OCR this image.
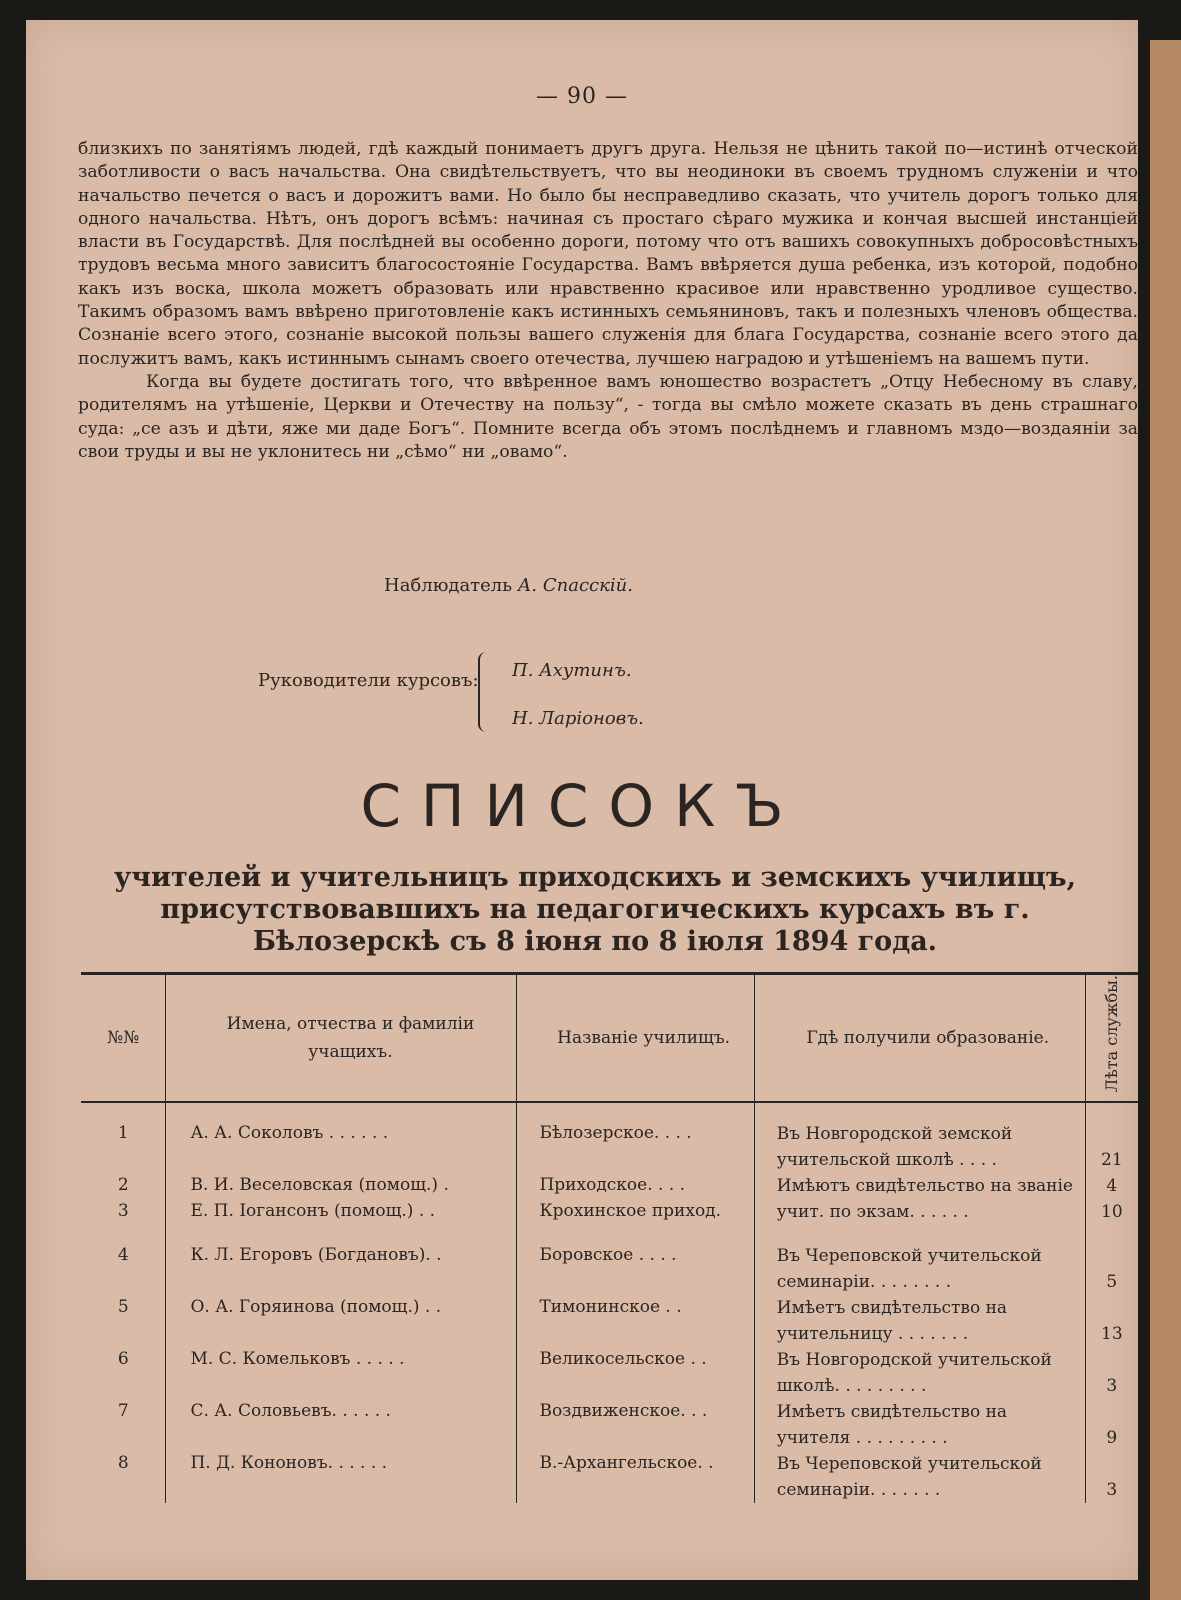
— 90 —

близкихъ по занятiямъ людей, гдѣ каждый понимаетъ другъ друга. Нельзя не цѣнить такой по—истинѣ отческой заботливости о васъ начальства. Она свидѣтельствуетъ, что вы неодиноки въ своемъ трудномъ служенiи и что начальство печется о васъ и дорожитъ вами. Но было бы несправедливо сказать, что учитель дорогъ только для одного начальства. Нѣтъ, онъ дорогъ всѣмъ: начиная съ простаго сѣраго мужика и кончая высшей инстанцiей власти въ Государствѣ. Для послѣдней вы особенно дороги, потому что отъ вашихъ совокупныхъ добросовѣстныхъ трудовъ весьма много зависитъ благосостоянiе Государства. Вамъ ввѣряется душа ребенка, изъ которой, подобно какъ изъ воска, школа можетъ образовать или нравственно красивое или нравственно уродливое существо. Такимъ образомъ вамъ ввѣрено приготовленiе какъ истинныхъ семьяниновъ, такъ и полезныхъ членовъ общества. Сознанiе всего этого, сознанiе высокой пользы вашего служенiя для блага Государства, сознанiе всего этого да послужитъ вамъ, какъ истиннымъ сынамъ своего отечества, лучшею наградою и утѣшенiемъ на вашемъ пути.

Когда вы будете достигать того, что ввѣренное вамъ юношество возрастетъ „Отцу Небесному въ славу, родителямъ на утѣшенiе, Церкви и Отечеству на пользу“, - тогда вы смѣло можете сказать въ день страшнаго суда: „се азъ и дѣти, яже ми даде Богъ“. Помните всегда объ этомъ послѣднемъ и главномъ мздо—воздаянiи за свои труды и вы не уклонитесь ни „сѣмо“ ни „овамо“.

Наблюдатель А. Спасскiй.
Руководители курсовъ: П. Ахутинъ.
Н. Ларiоновъ.
СПИСОКЪ
учителей и учительницъ приходскихъ и земскихъ училищъ, присутствовавшихъ на педагогическихъ курсахъ въ г. Бѣлозерскѣ съ 8 iюня по 8 iюля 1894 года.
№№	Имена, отчества и фамилiи учащихъ.	Названiе училищъ.	Гдѣ получили образованiе.	Лѣта службы.

1	А. А. Соколовъ . . . . . .	Бѣлозерское. . . .	Въ Новгородской земской учительской школѣ . . . .	21
2	В. И. Веселовская (помощ.) .	Приходское. . . .	Имѣютъ свидѣтельство на званiе	4
3	Е. П. Iогансонъ (помощ.) . .	Крохинское приход.	учит. по экзам. . . . . .	10

4	К. Л. Егоровъ (Богдановъ). .	Боровское . . . .	Въ Череповской учительской семинарiи. . . . . . . .	5
5	О. А. Горяинова (помощ.) . .	Тимонинское . .	Имѣетъ свидѣтельство на учительницу . . . . . . .	13
6	М. С. Комельковъ . . . . .	Великосельское . .	Въ Новгородской учительской школѣ. . . . . . . . .	3
7	С. А. Соловьевъ. . . . . .	Воздвиженское. . .	Имѣетъ свидѣтельство на учителя . . . . . . . . .	9
8	П. Д. Кононовъ. . . . . .	В.-Архангельское. .	Въ Череповской учительской семинарiи. . . . . . .	3
